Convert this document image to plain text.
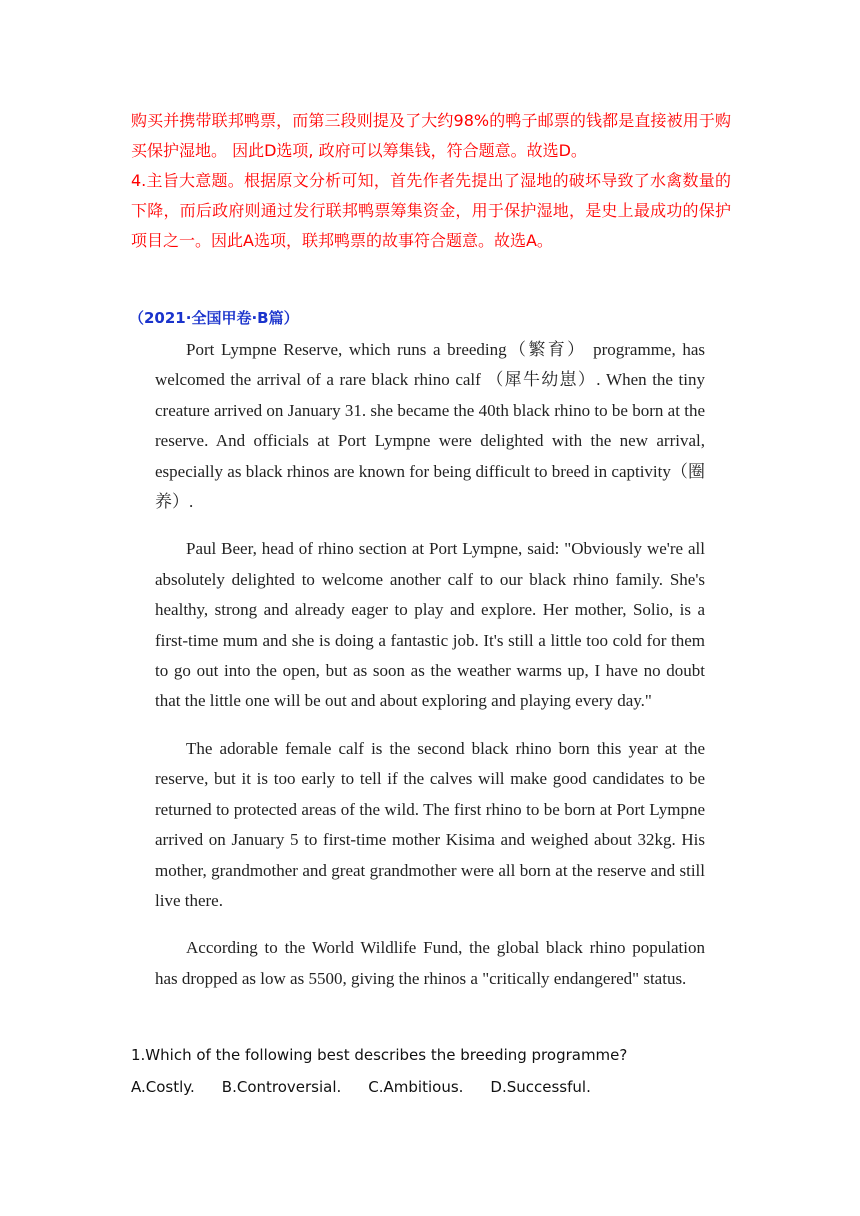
购买并携带联邦鸭票，而第三段则提及了大约98%的鸭子邮票的钱都是直接被用于购买保护湿地。 因此D选项, 政府可以筹集钱，符合题意。故选D。

4.主旨大意题。根据原文分析可知，首先作者先提出了湿地的破坏导致了水禽数量的下降，而后政府则通过发行联邦鸭票筹集资金，用于保护湿地，是史上最成功的保护项目之一。因此A选项，联邦鸭票的故事符合题意。故选A。

（2021·全国甲卷·B篇）

Port Lympne Reserve, which runs a breeding（繁育） programme, has welcomed the arrival of a rare black rhino calf （犀牛幼崽）. When the tiny creature arrived on January 31. she became the 40th black rhino to be born at the reserve. And officials at Port Lympne were delighted with the new arrival, especially as black rhinos are known for being difficult to breed in captivity（圈养）.

Paul Beer, head of rhino section at Port Lympne, said: "Obviously we're all absolutely delighted to welcome another calf to our black rhino family. She's healthy, strong and already eager to play and explore. Her mother, Solio, is a first-time mum and she is doing a fantastic job. It's still a little too cold for them to go out into the open, but as soon as the weather warms up, I have no doubt that the little one will be out and about exploring and playing every day."

The adorable female calf is the second black rhino born this year at the reserve, but it is too early to tell if the calves will make good candidates to be returned to protected areas of the wild. The first rhino to be born at Port Lympne arrived on January 5 to first-time mother Kisima and weighed about 32kg. His mother, grandmother and great grandmother were all born at the reserve and still live there.

According to the World Wildlife Fund, the global black rhino population has dropped as low as 5500, giving the rhinos a "critically endangered" status.

1.Which of the following best describes the breeding programme?

A.Costly. B.Controversial. C.Ambitious. D.Successful.
